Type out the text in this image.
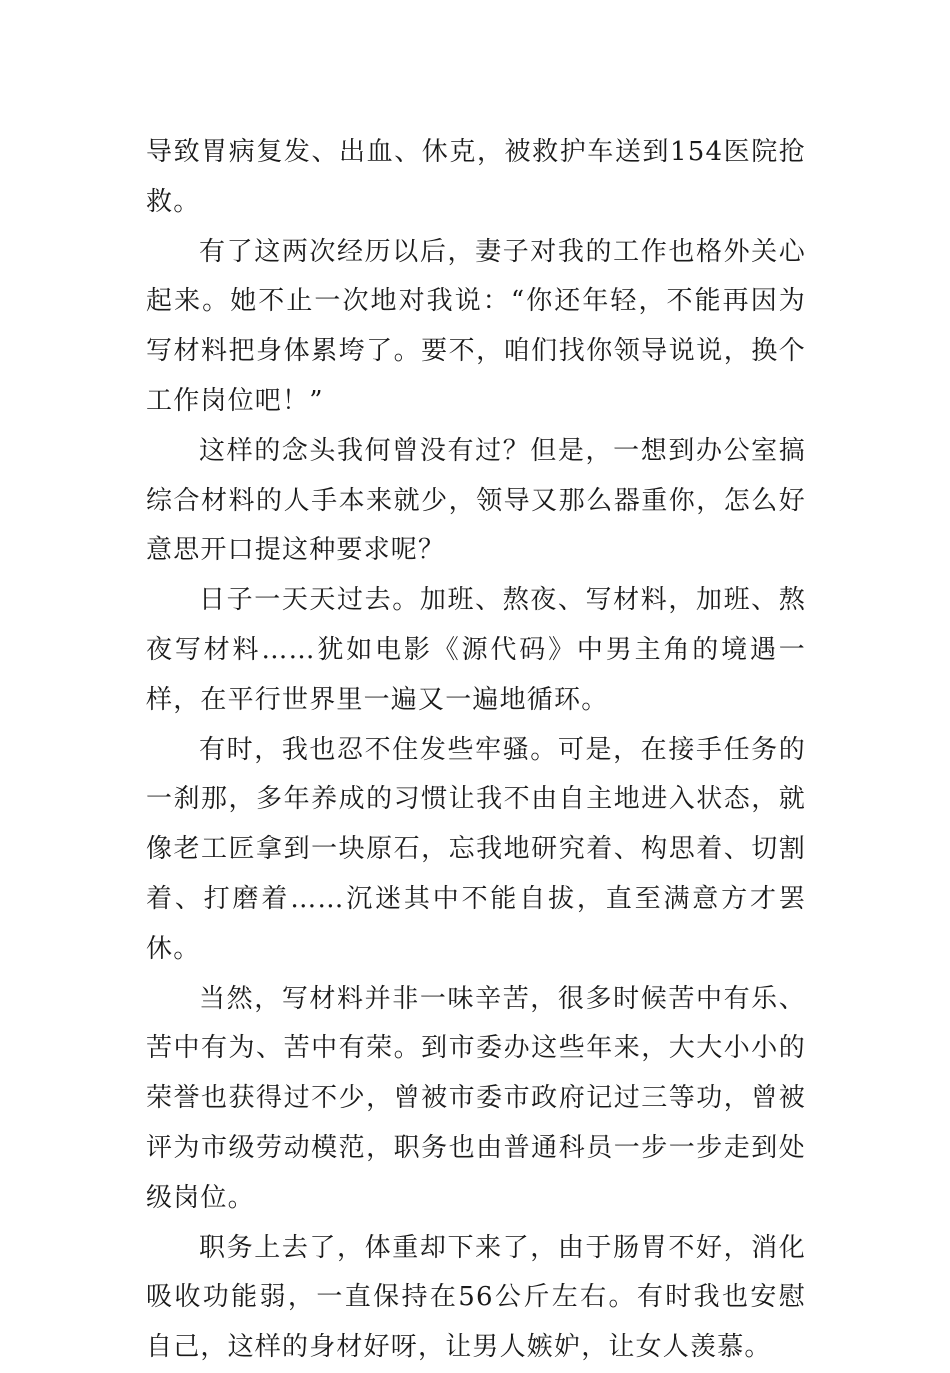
导致胃病复发、出血、休克，被救护车送到154医院抢救。

有了这两次经历以后，妻子对我的工作也格外关心起来。她不止一次地对我说：“你还年轻，不能再因为写材料把身体累垮了。要不，咱们找你领导说说，换个工作岗位吧！”

这样的念头我何曾没有过？但是，一想到办公室搞综合材料的人手本来就少，领导又那么器重你，怎么好意思开口提这种要求呢？

日子一天天过去。加班、熬夜、写材料，加班、熬夜写材料……犹如电影《源代码》中男主角的境遇一样，在平行世界里一遍又一遍地循环。

有时，我也忍不住发些牢骚。可是，在接手任务的一刹那，多年养成的习惯让我不由自主地进入状态，就像老工匠拿到一块原石，忘我地研究着、构思着、切割着、打磨着……沉迷其中不能自拔，直至满意方才罢休。

当然，写材料并非一味辛苦，很多时候苦中有乐、苦中有为、苦中有荣。到市委办这些年来，大大小小的荣誉也获得过不少，曾被市委市政府记过三等功，曾被评为市级劳动模范，职务也由普通科员一步一步走到处级岗位。

职务上去了，体重却下来了，由于肠胃不好，消化吸收功能弱，一直保持在56公斤左右。有时我也安慰自己，这样的身材好呀，让男人嫉妒，让女人羡慕。
